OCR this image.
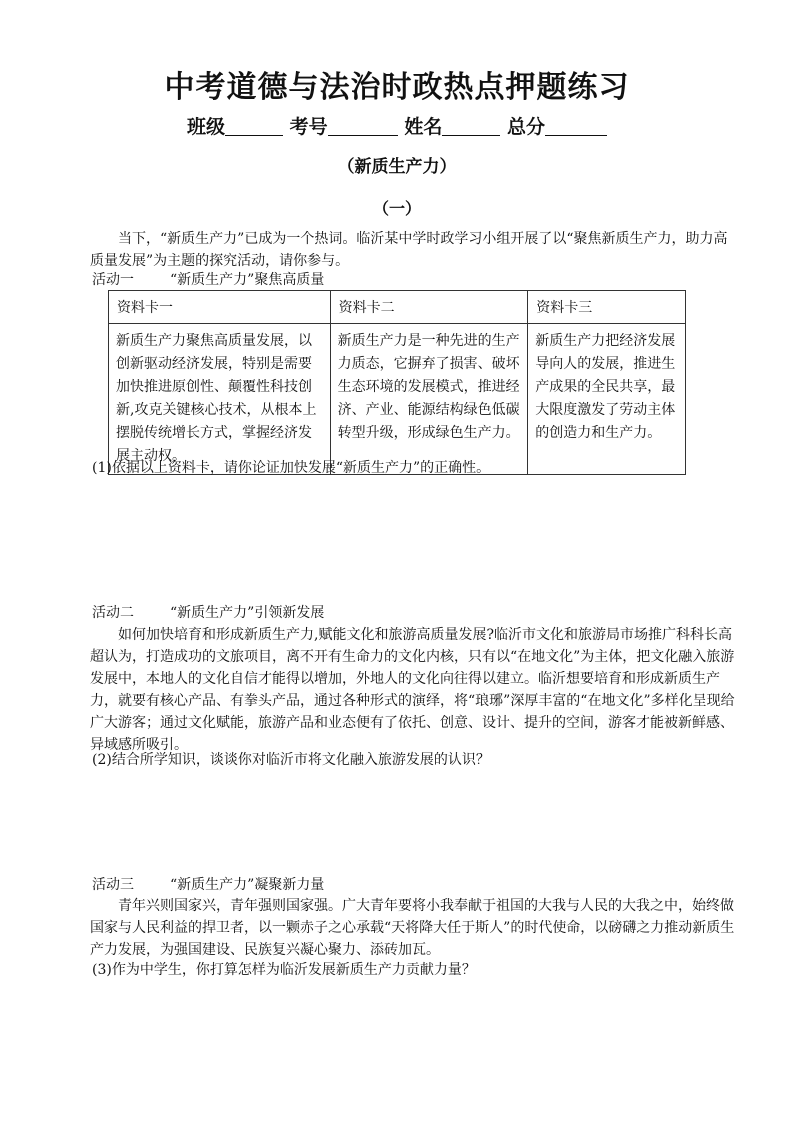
中考道德与法治时政热点押题练习
班级	考号	姓名	总分
（新质生产力）
（一）

当下，“新质生产力”已成为一个热词。临沂某中学时政学习小组开展了以“聚焦新质生产力，助力高质量发展”为主题的探究活动，请你参与。

活动一	“新质生产力”聚焦高质量
资料卡一	资料卡二	资料卡三
新质生产力聚焦高质量发展，以创新驱动经济发展，特别是需要加快推进原创性、颠覆性科技创新,攻克关键核心技术，从根本上摆脱传统增长方式，掌握经济发展主动权。	新质生产力是一种先进的生产力质态，它摒弃了损害、破坏生态环境的发展模式，推进经济、产业、能源结构绿色低碳转型升级，形成绿色生产力。	新质生产力把经济发展导向人的发展，推进生产成果的全民共享，最大限度激发了劳动主体的创造力和生产力。
(1)依据以上资料卡，请你论证加快发展“新质生产力”的正确性。
活动二	“新质生产力”引领新发展

如何加快培育和形成新质生产力,赋能文化和旅游高质量发展?临沂市文化和旅游局市场推广科科长高超认为，打造成功的文旅项目，离不开有生命力的文化内核，只有以“在地文化”为主体，把文化融入旅游发展中，本地人的文化自信才能得以增加，外地人的文化向往得以建立。临沂想要培育和形成新质生产力，就要有核心产品、有拳头产品，通过各种形式的演绎，将“琅琊”深厚丰富的“在地文化”多样化呈现给广大游客；通过文化赋能，旅游产品和业态便有了依托、创意、设计、提升的空间，游客才能被新鲜感、异域感所吸引。

(2)结合所学知识，谈谈你对临沂市将文化融入旅游发展的认识？
活动三	“新质生产力”凝聚新力量

青年兴则国家兴，青年强则国家强。广大青年要将小我奉献于祖国的大我与人民的大我之中，始终做国家与人民利益的捍卫者，以一颗赤子之心承载“天将降大任于斯人”的时代使命，以磅礴之力推动新质生产力发展，为强国建设、民族复兴凝心聚力、添砖加瓦。

(3)作为中学生，你打算怎样为临沂发展新质生产力贡献力量？
